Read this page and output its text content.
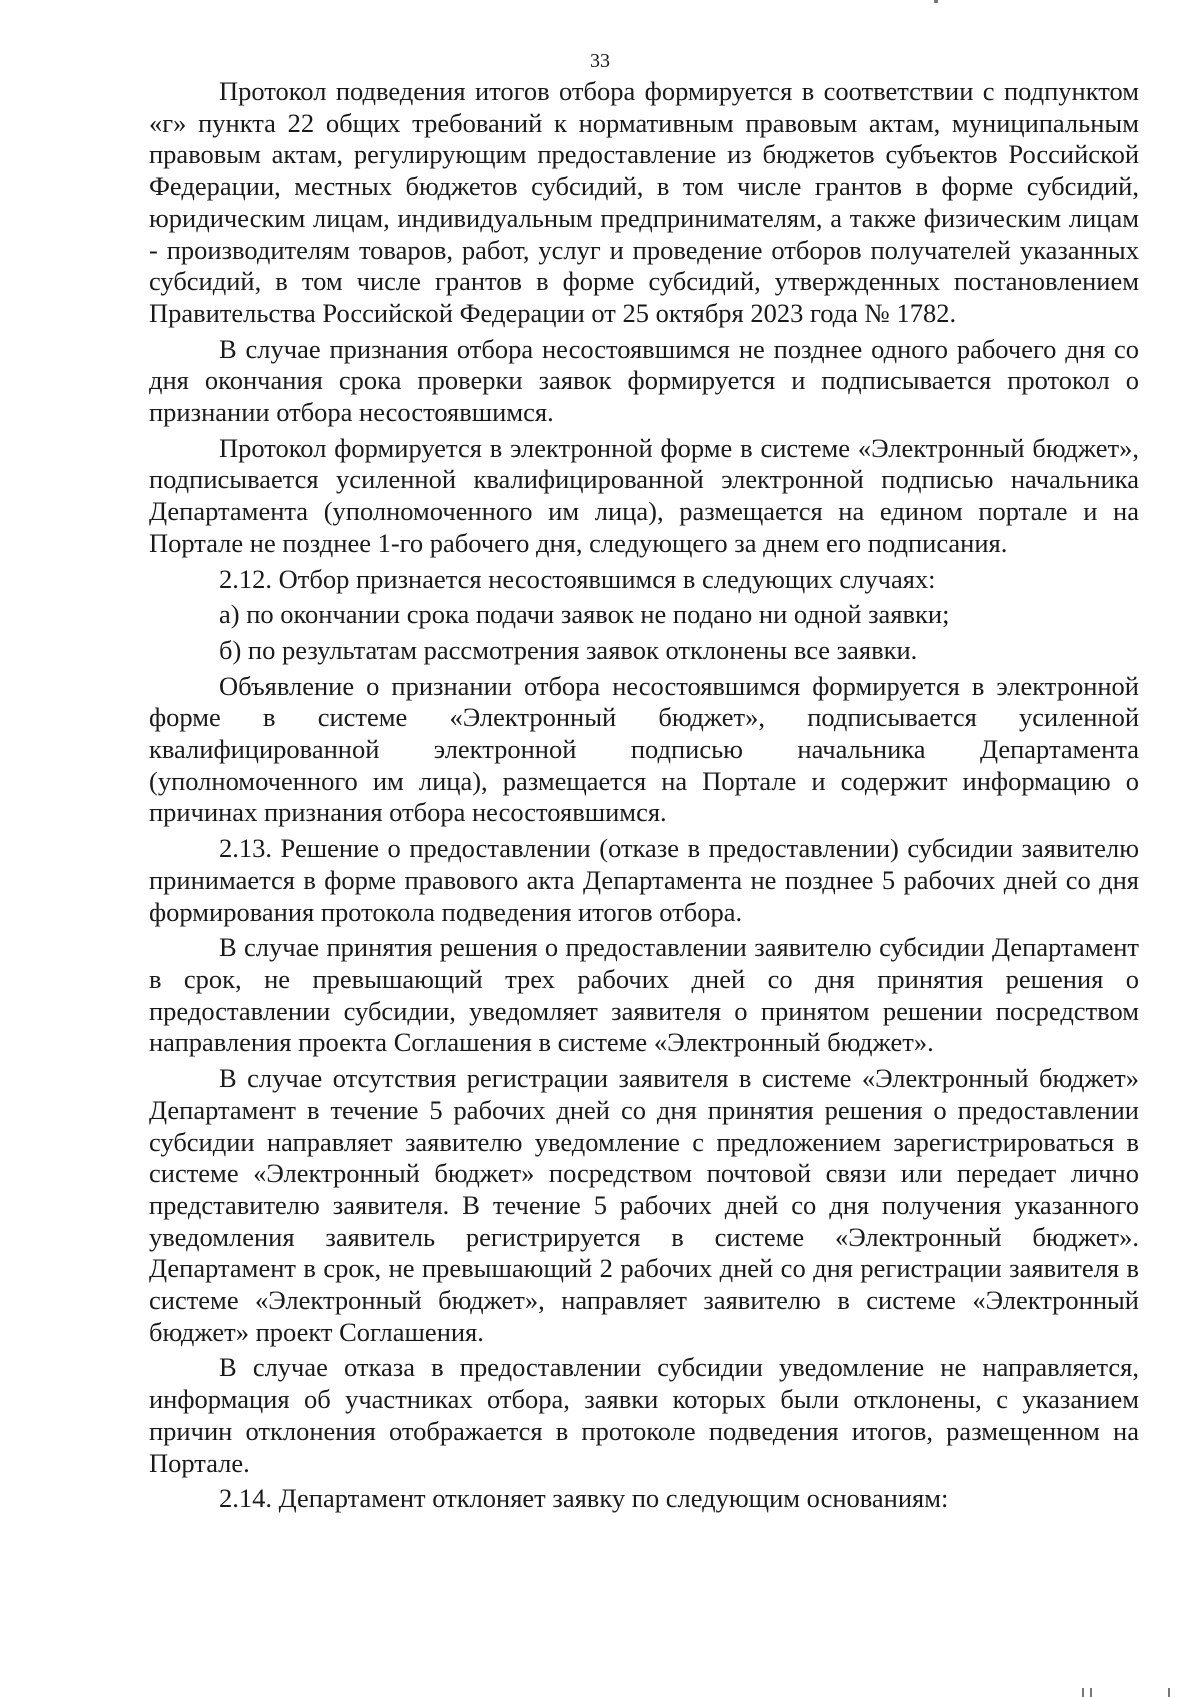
33

Протокол подведения итогов отбора формируется в соответствии с подпунктом «г» пункта 22 общих требований к нормативным правовым актам, муниципальным правовым актам, регулирующим предоставление из бюджетов субъектов Российской Федерации, местных бюджетов субсидий, в том числе грантов в форме субсидий, юридическим лицам, индивидуальным предпринимателям, а также физическим лицам - производителям товаров, работ, услуг и проведение отборов получателей указанных субсидий, в том числе грантов в форме субсидий, утвержденных постановлением Правительства Российской Федерации от 25 октября 2023 года № 1782.

В случае признания отбора несостоявшимся не позднее одного рабочего дня со дня окончания срока проверки заявок формируется и подписывается протокол о признании отбора несостоявшимся.

Протокол формируется в электронной форме в системе «Электронный бюджет», подписывается усиленной квалифицированной электронной подписью начальника Департамента (уполномоченного им лица), размещается на едином портале и на Портале не позднее 1-го рабочего дня, следующего за днем его подписания.

2.12. Отбор признается несостоявшимся в следующих случаях:

а) по окончании срока подачи заявок не подано ни одной заявки;

б) по результатам рассмотрения заявок отклонены все заявки.

Объявление о признании отбора несостоявшимся формируется в электронной форме в системе «Электронный бюджет», подписывается усиленной квалифицированной электронной подписью начальника Департамента (уполномоченного им лица), размещается на Портале и содержит информацию о причинах признания отбора несостоявшимся.

2.13. Решение о предоставлении (отказе в предоставлении) субсидии заявителю принимается в форме правового акта Департамента не позднее 5 рабочих дней со дня формирования протокола подведения итогов отбора.

В случае принятия решения о предоставлении заявителю субсидии Департамент в срок, не превышающий трех рабочих дней со дня принятия решения о предоставлении субсидии, уведомляет заявителя о принятом решении посредством направления проекта Соглашения в системе «Электронный бюджет».

В случае отсутствия регистрации заявителя в системе «Электронный бюджет» Департамент в течение 5 рабочих дней со дня принятия решения о предоставлении субсидии направляет заявителю уведомление с предложением зарегистрироваться в системе «Электронный бюджет» посредством почтовой связи или передает лично представителю заявителя. В течение 5 рабочих дней со дня получения указанного уведомления заявитель регистрируется в системе «Электронный бюджет». Департамент в срок, не превышающий 2 рабочих дней со дня регистрации заявителя в системе «Электронный бюджет», направляет заявителю в системе «Электронный бюджет» проект Соглашения.

В случае отказа в предоставлении субсидии уведомление не направляется, информация об участниках отбора, заявки которых были отклонены, с указанием причин отклонения отображается в протоколе подведения итогов, размещенном на Портале.

2.14. Департамент отклоняет заявку по следующим основаниям:
